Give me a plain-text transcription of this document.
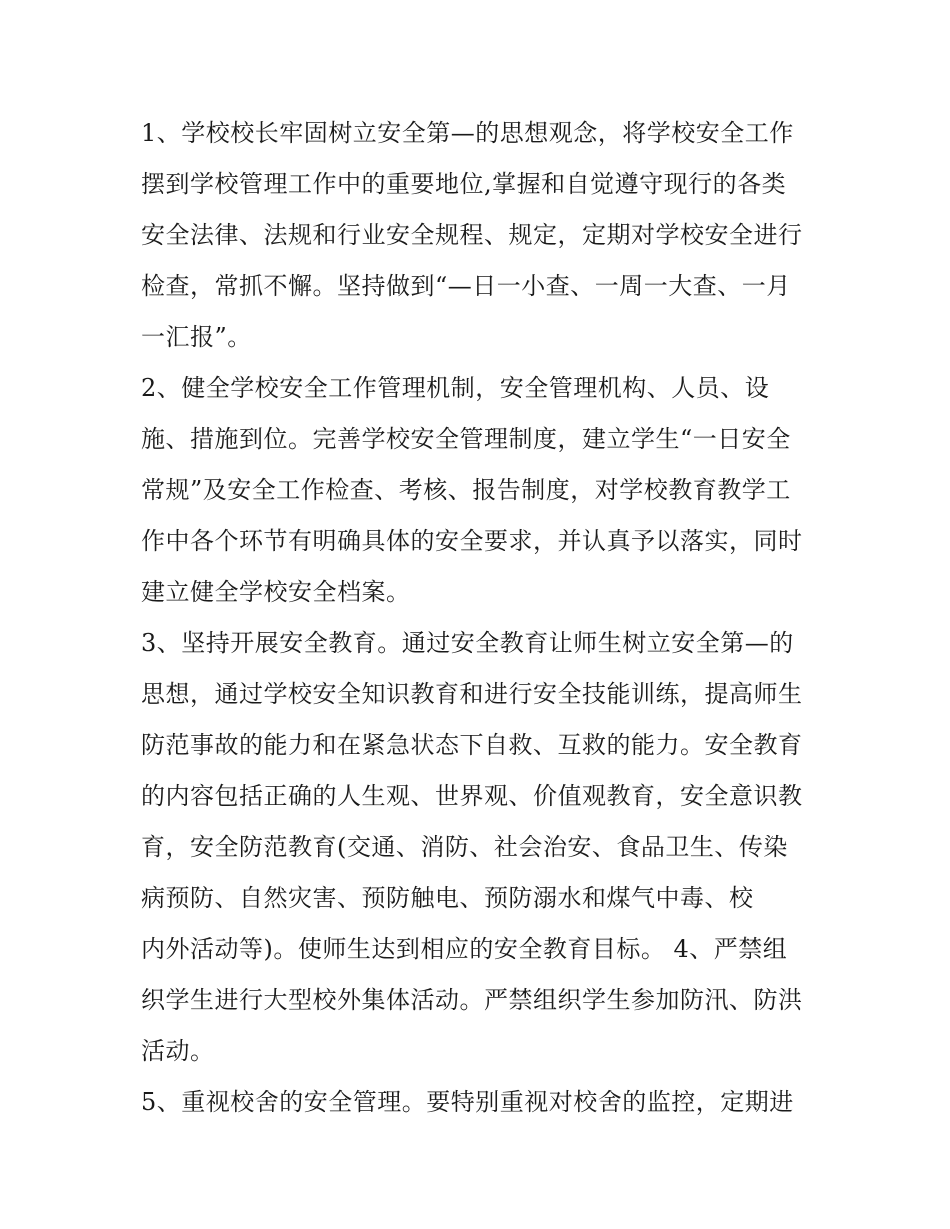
1、学校校长牢固树立安全第—的思想观念，将学校安全工作
摆到学校管理工作中的重要地位,掌握和自觉遵守现行的各类
安全法律、法规和行业安全规程、规定，定期对学校安全进行
检查，常抓不懈。坚持做到“—日一小查、一周一大查、一月
一汇报”。
2、健全学校安全工作管理机制，安全管理机构、人员、设
施、措施到位。完善学校安全管理制度，建立学生“一日安全
常规”及安全工作检查、考核、报告制度，对学校教育教学工
作中各个环节有明确具体的安全要求，并认真予以落实，同时
建立健全学校安全档案。
3、坚持开展安全教育。通过安全教育让师生树立安全第—的
思想，通过学校安全知识教育和进行安全技能训练，提高师生
防范事故的能力和在紧急状态下自救、互救的能力。安全教育
的内容包括正确的人生观、世界观、价值观教育，安全意识教
育，安全防范教育(交通、消防、社会治安、食品卫生、传染
病预防、自然灾害、预防触电、预防溺水和煤气中毒、校
内外活动等)。使师生达到相应的安全教育目标。 4、严禁组
织学生进行大型校外集体活动。严禁组织学生参加防汛、防洪
活动。
5、重视校舍的安全管理。要特别重视对校舍的监控，定期进
